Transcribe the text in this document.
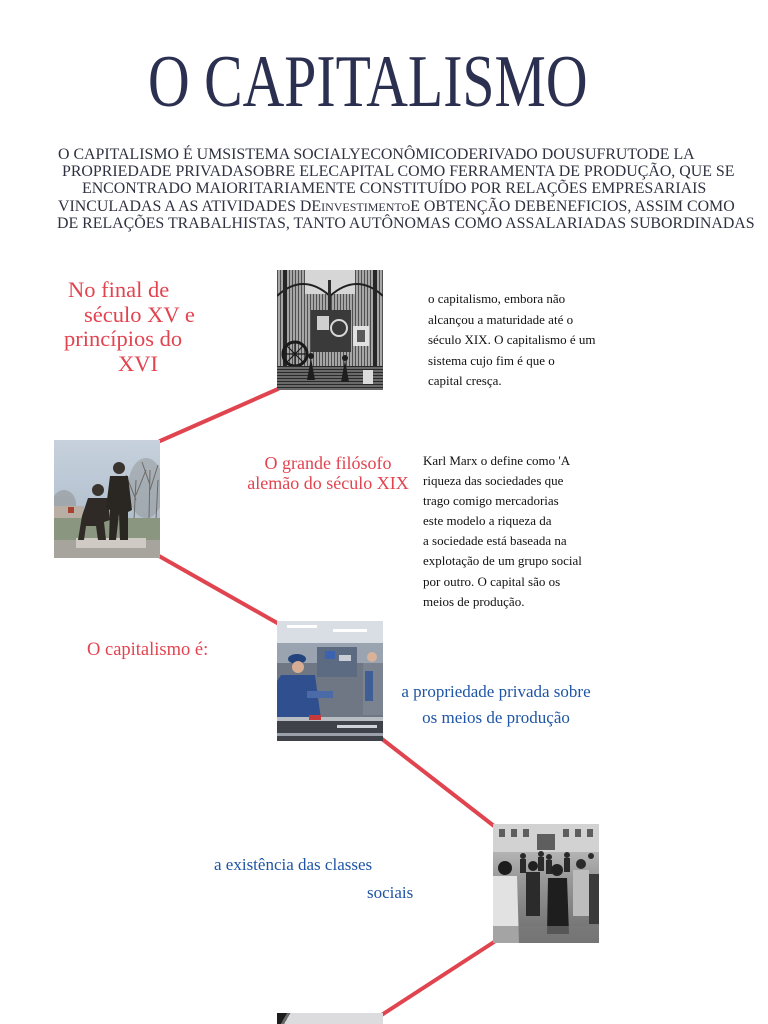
O CAPITALISMO
O CAPITALISMO É UMSISTEMA SOCIALYECONÔMICODERIVADO DOUSUFRUTODE LA
PROPRIEDADE PRIVADASOBRE ELECAPITAL COMO FERRAMENTA DE PRODUÇÃO, QUE SE
ENCONTRADO MAIORITARIAMENTE CONSTITUÍDO POR RELAÇÕES EMPRESARIAIS
VINCULADAS A AS ATIVIDADES DEINVESTIMENTOE OBTENÇÃO DEBENEFICIOS, ASSIM COMO
DE RELAÇÕES TRABALHISTAS, TANTO AUTÔNOMAS COMO ASSALARIADAS SUBORDINADAS
No final de
século XV e
princípios do
XVI
o capitalismo, embora não
alcançou a maturidade até o
século XIX. O capitalismo é um
sistema cujo fim é que o
capital cresça.
O grande filósofo
alemão do século XIX
Karl Marx o define como 'A
riqueza das sociedades que
trago comigo mercadorias
este modelo a riqueza da
a sociedade está baseada na
explotação de um grupo social
por outro. O capital são os
meios de produção.
O capitalismo é:
a propriedade privada sobre
os meios de produção
a existência das classes
sociais
